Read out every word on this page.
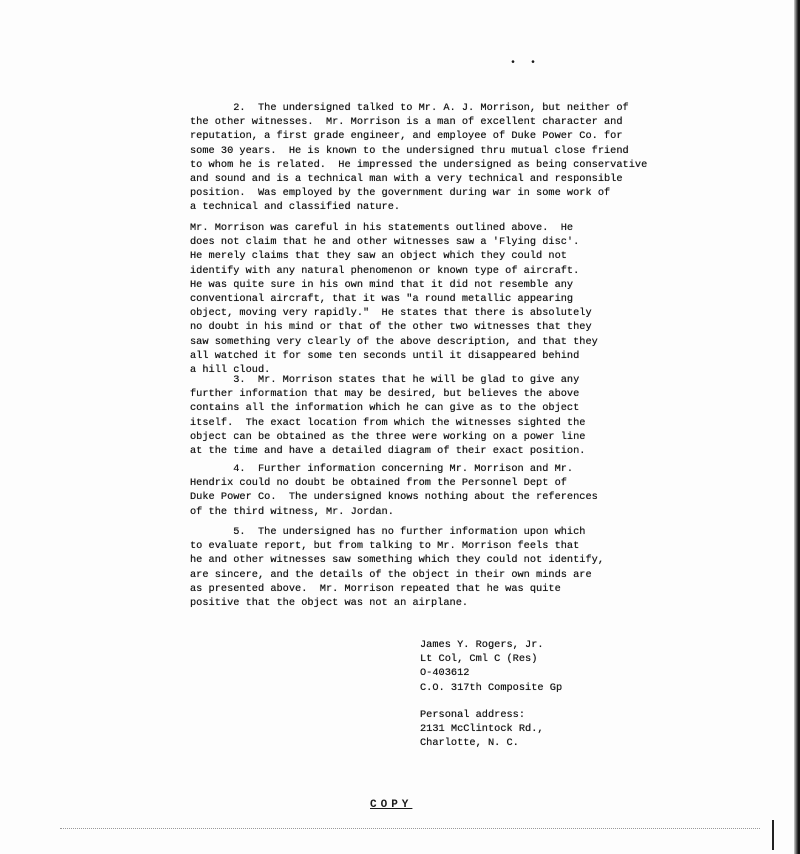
• •

2.  The undersigned talked to Mr. A. J. Morrison, but neither of
the other witnesses.  Mr. Morrison is a man of excellent character and
reputation, a first grade engineer, and employee of Duke Power Co. for
some 30 years.  He is known to the undersigned thru mutual close friend
to whom he is related.  He impressed the undersigned as being conservative
and sound and is a technical man with a very technical and responsible
position.  Was employed by the government during war in some work of
a technical and classified nature.

Mr. Morrison was careful in his statements outlined above.  He
does not claim that he and other witnesses saw a 'Flying disc'.
He merely claims that they saw an object which they could not
identify with any natural phenomenon or known type of aircraft.
He was quite sure in his own mind that it did not resemble any
conventional aircraft, that it was "a round metallic appearing
object, moving very rapidly."  He states that there is absolutely
no doubt in his mind or that of the other two witnesses that they
saw something very clearly of the above description, and that they
all watched it for some ten seconds until it disappeared behind
a hill cloud.

3.  Mr. Morrison states that he will be glad to give any
further information that may be desired, but believes the above
contains all the information which he can give as to the object
itself.  The exact location from which the witnesses sighted the
object can be obtained as the three were working on a power line
at the time and have a detailed diagram of their exact position.

4.  Further information concerning Mr. Morrison and Mr.
Hendrix could no doubt be obtained from the Personnel Dept of
Duke Power Co.  The undersigned knows nothing about the references
of the third witness, Mr. Jordan.

5.  The undersigned has no further information upon which
to evaluate report, but from talking to Mr. Morrison feels that
he and other witnesses saw something which they could not identify,
are sincere, and the details of the object in their own minds are
as presented above.  Mr. Morrison repeated that he was quite
positive that the object was not an airplane.

James Y. Rogers, Jr.
Lt Col, Cml C (Res)
O-403612
C.O. 317th Composite Gp
Personal address:
2131 McClintock Rd.,
Charlotte, N. C.
COPY
